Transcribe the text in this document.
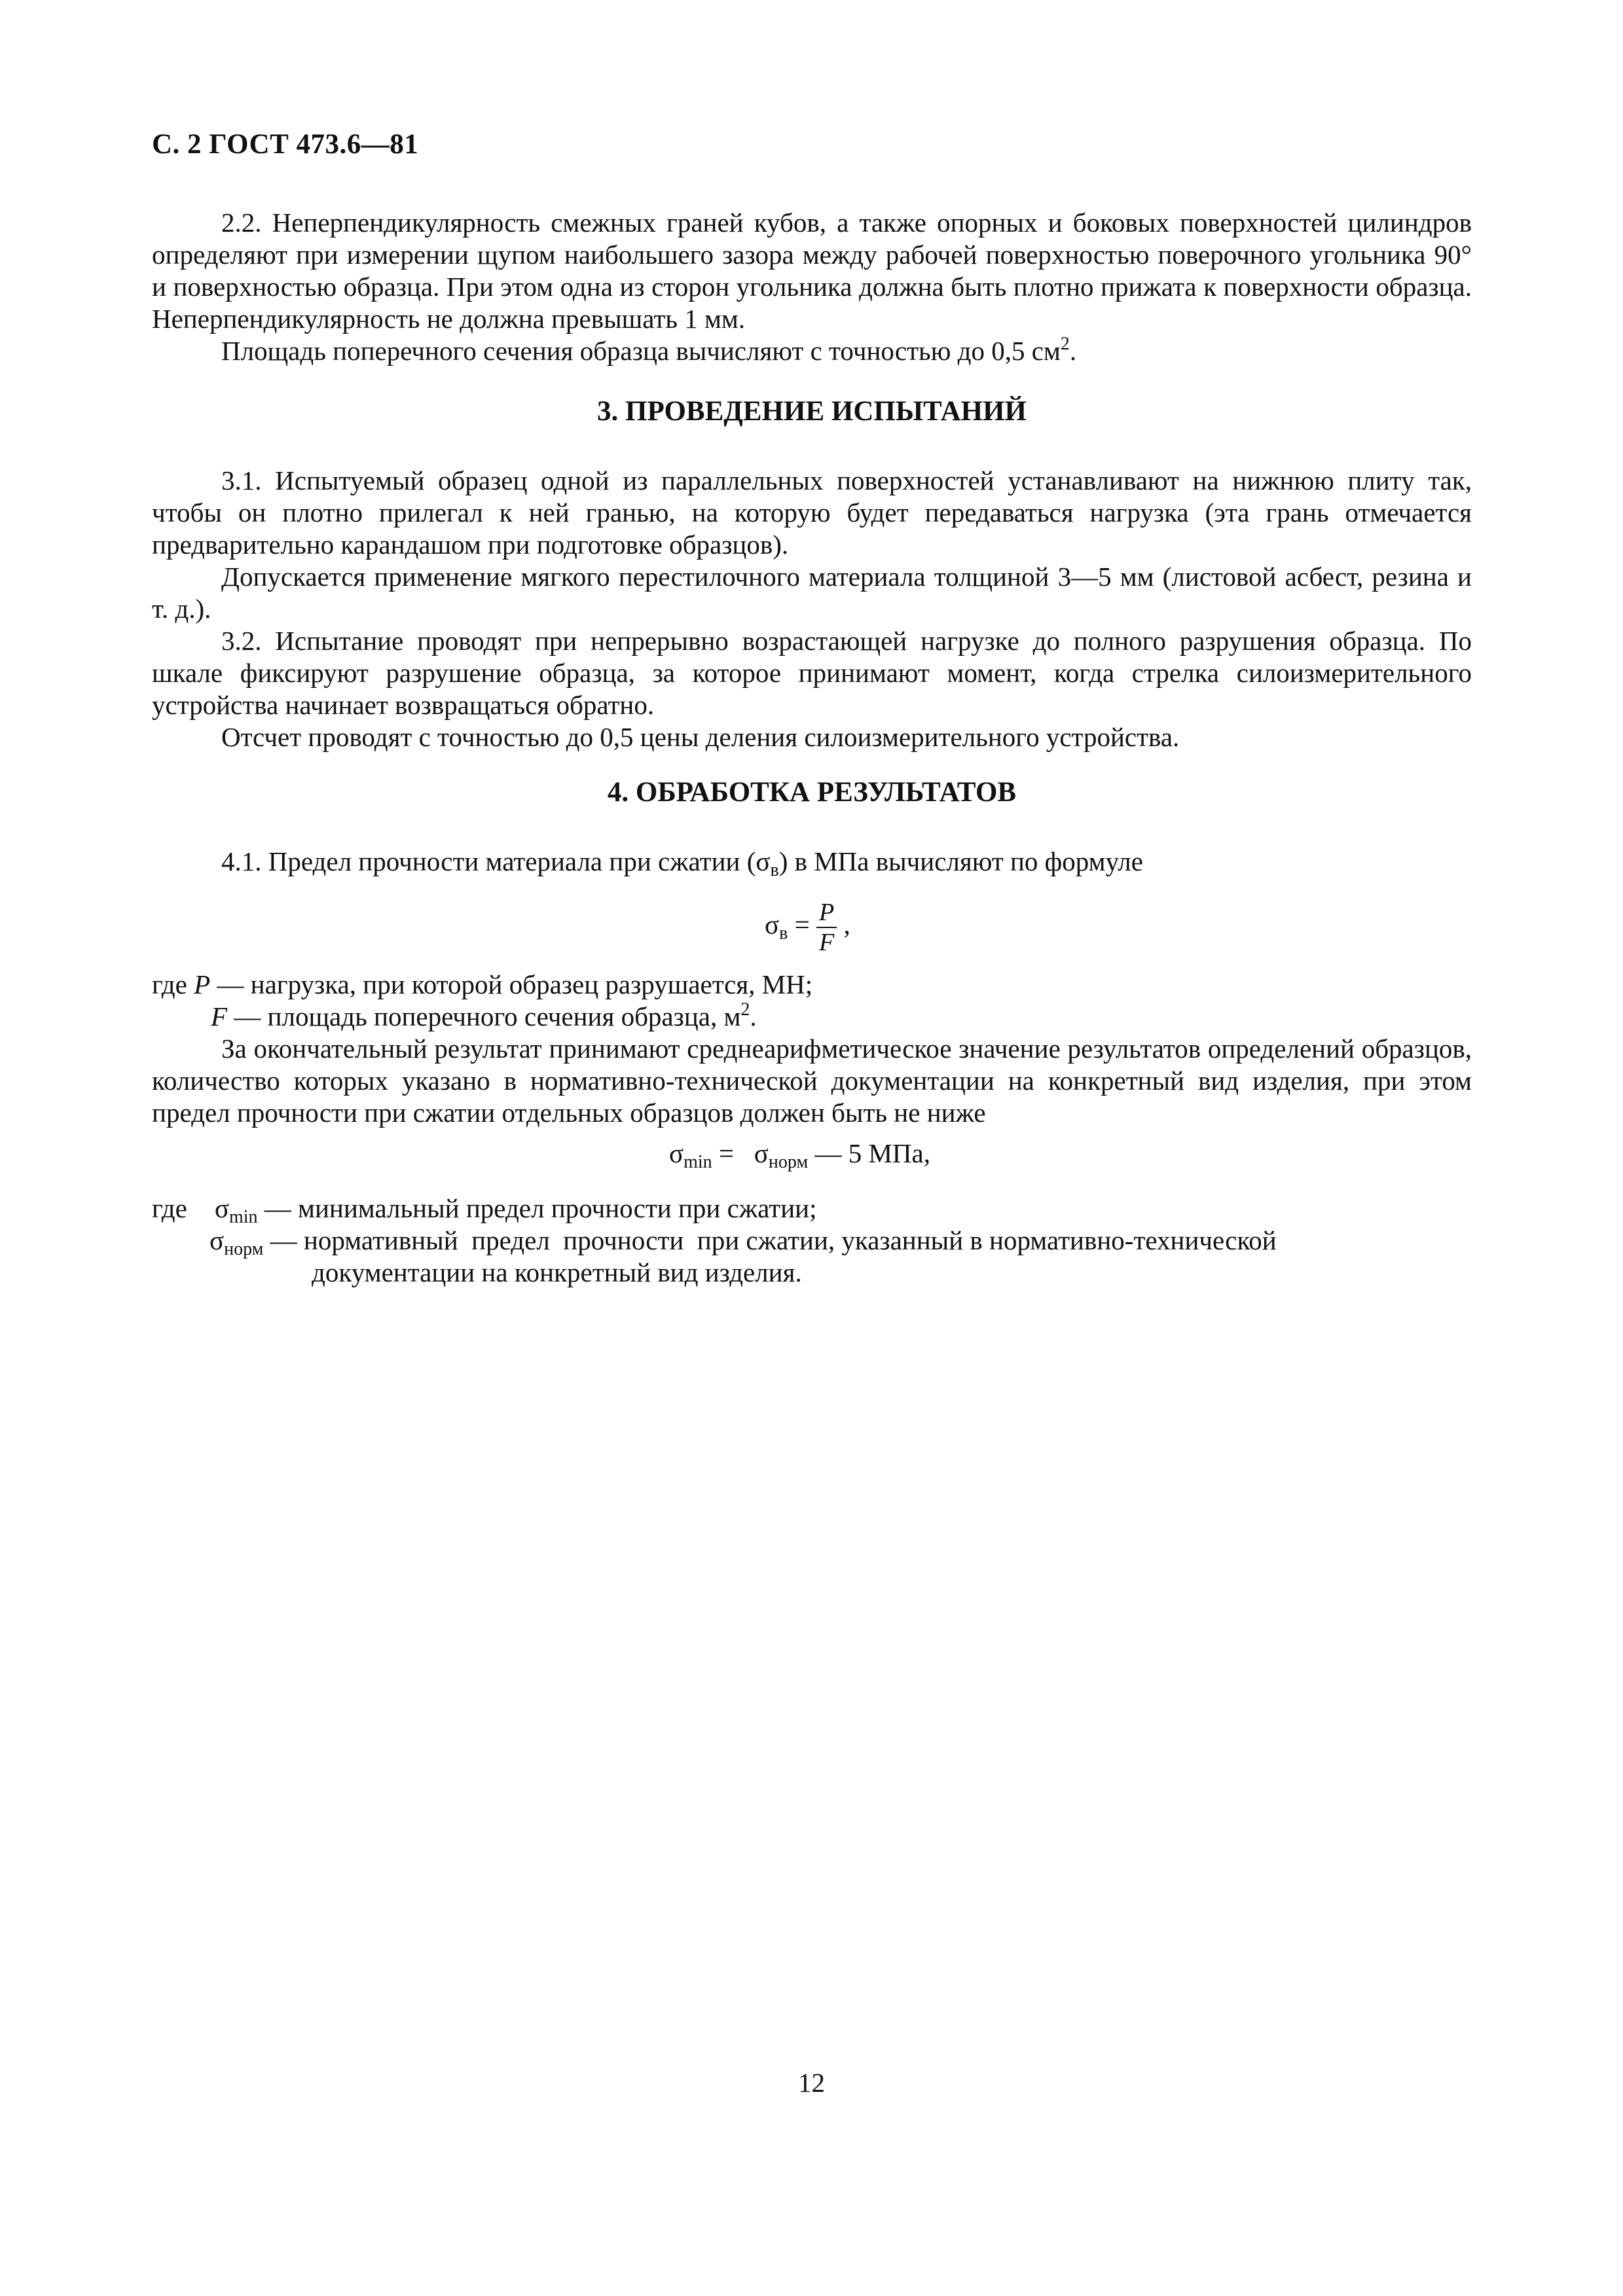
С. 2 ГОСТ 473.6—81

2.2. Неперпендикулярность смежных граней кубов, а также опорных и боковых поверхностей цилиндров определяют при измерении щупом наибольшего зазора между рабочей поверхностью поверочного угольника 90° и поверхностью образца. При этом одна из сторон угольника должна быть плотно прижата к поверхности образца. Неперпендикулярность не должна превышать 1 мм.

Площадь поперечного сечения образца вычисляют с точностью до 0,5 $см^2$.

3. ПРОВЕДЕНИЕ ИСПЫТАНИЙ

3.1. Испытуемый образец одной из параллельных поверхностей устанавливают на нижнюю плиту так, чтобы он плотно прилегал к ней гранью, на которую будет передаваться нагрузка (эта грань отмечается предварительно карандашом при подготовке образцов).

Допускается применение мягкого перестилочного материала толщиной 3—5 мм (листовой асбест, резина и т. д.).

3.2. Испытание проводят при непрерывно возрастающей нагрузке до полного разрушения образца. По шкале фиксируют разрушение образца, за которое принимают момент, когда стрелка силоизмерительного устройства начинает возвращаться обратно.

Отсчет проводят с точностью до 0,5 цены деления силоизмерительного устройства.

4. ОБРАБОТКА РЕЗУЛЬТАТОВ
4.1. Предел прочности материала при сжатии $(\sigma_в)$ в МПа вычисляют по формуле
$\sigma_в = \frac{P}{F}$ ,
где P — нагрузка, при которой образец разрушается, МН;
F — площадь поперечного сечения образца, $м^2$.

За окончательный результат принимают среднеарифметическое значение результатов определений образцов, количество которых указано в нормативно-технической документации на конкретный вид изделия, при этом предел прочности при сжатии отдельных образцов должен быть не ниже

$\sigma_{min} = \sigma_{норм}$ — 5 МПа,
где $\sigma_{min}$ — минимальный предел прочности при сжатии;
$\sigma_{норм}$ — нормативный  предел  прочности  при сжатии, указанный в нормативно-технической
документации на конкретный вид изделия.
12
